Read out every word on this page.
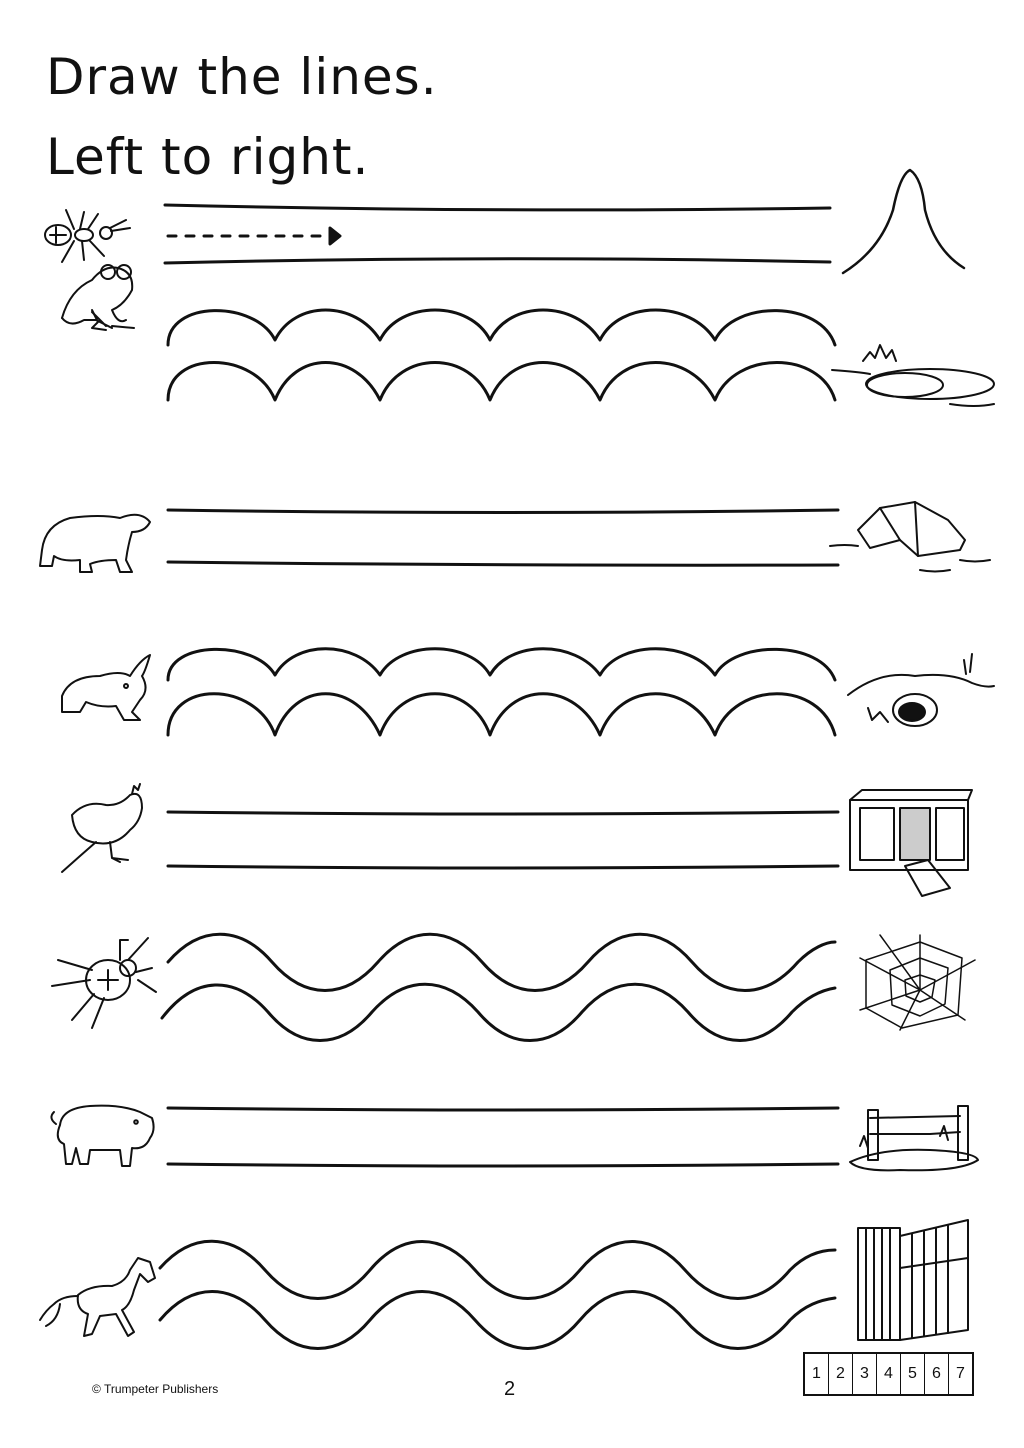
Draw the lines.
Left to right.
© Trumpeter Publishers	2
1 2 3 4 5 6 7
